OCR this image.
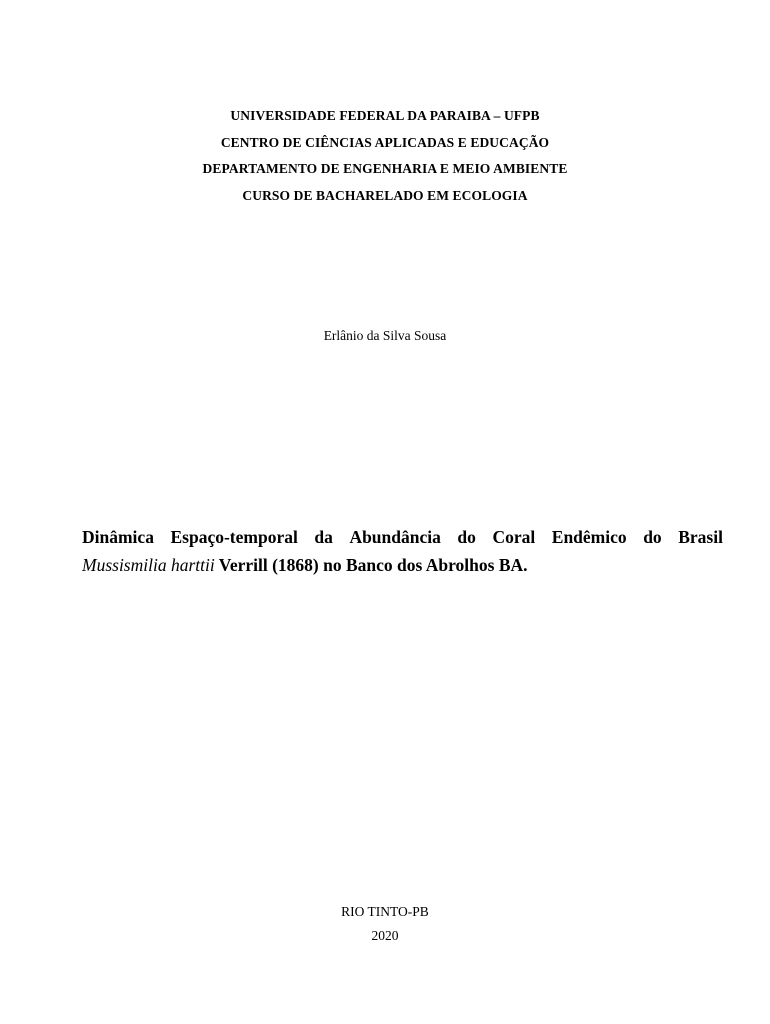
UNIVERSIDADE FEDERAL DA PARAIBA – UFPB
CENTRO DE CIÊNCIAS APLICADAS E EDUCAÇÃO
DEPARTAMENTO DE ENGENHARIA E MEIO AMBIENTE
CURSO DE BACHARELADO EM ECOLOGIA
Erlânio da Silva Sousa
Dinâmica Espaço-temporal da Abundância do Coral Endêmico do Brasil
Mussismilia harttii Verrill (1868) no Banco dos Abrolhos BA.
RIO TINTO-PB
2020
